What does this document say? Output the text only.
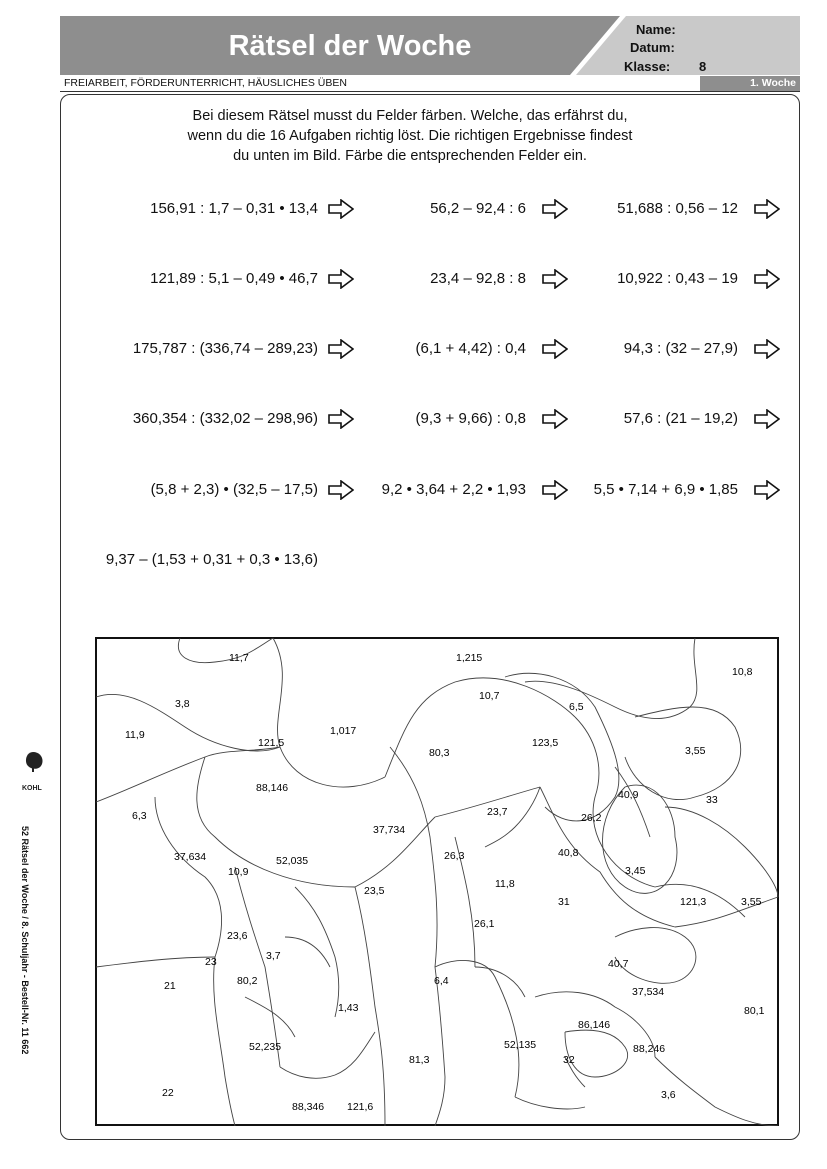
Rätsel der Woche
Name:
Datum:
Klasse: 8
FREIARBEIT, FÖRDERUNTERRICHT, HÄUSLICHES ÜBEN	1. Woche
Bei diesem Rätsel musst du Felder färben. Welche, das erfährst du,
wenn du die 16 Aufgaben richtig löst. Die richtigen Ergebnisse findest
du unten im Bild. Färbe die entsprechenden Felder ein.
156,91 : 1,7 – 0,31 • 13,4	56,2 – 92,4 : 6	51,688 : 0,56 – 12
121,89 : 5,1 – 0,49 • 46,7	23,4 – 92,8 : 8	10,922 : 0,43 – 19
175,787 : (336,74 – 289,23)	(6,1 + 4,42) : 0,4	94,3 : (32 – 27,9)
360,354 : (332,02 – 298,96)	(9,3 + 9,66) : 0,8	57,6 : (21 – 19,2)
(5,8 + 2,3) • (32,5 – 17,5)	9,2 • 3,64 + 2,2 • 1,93	5,5 • 7,14 + 6,9 • 1,85
9,37 – (1,53 + 0,31 + 0,3 • 13,6)
11,7	1,215
10,8
3,8
10,7
6,5
11,9
121,5
1,017
80,3
123,5
3,55
88,146
40,9	33
6,3
37,734
23,7	26,2
37,634
10,9
52,035	26,3	40,8
3,45
11,8
31
23,5
26,1
121,3	3,55
23,6
3,7
23	40,7
21	80,2	6,4
37,534
1,43
86,146
80,1
52,235	52,135
81,3	32
88,246
22
88,346 121,6
3,6
KOHL
52 Rätsel der Woche / 8. Schuljahr - Bestell-Nr. 11 662
